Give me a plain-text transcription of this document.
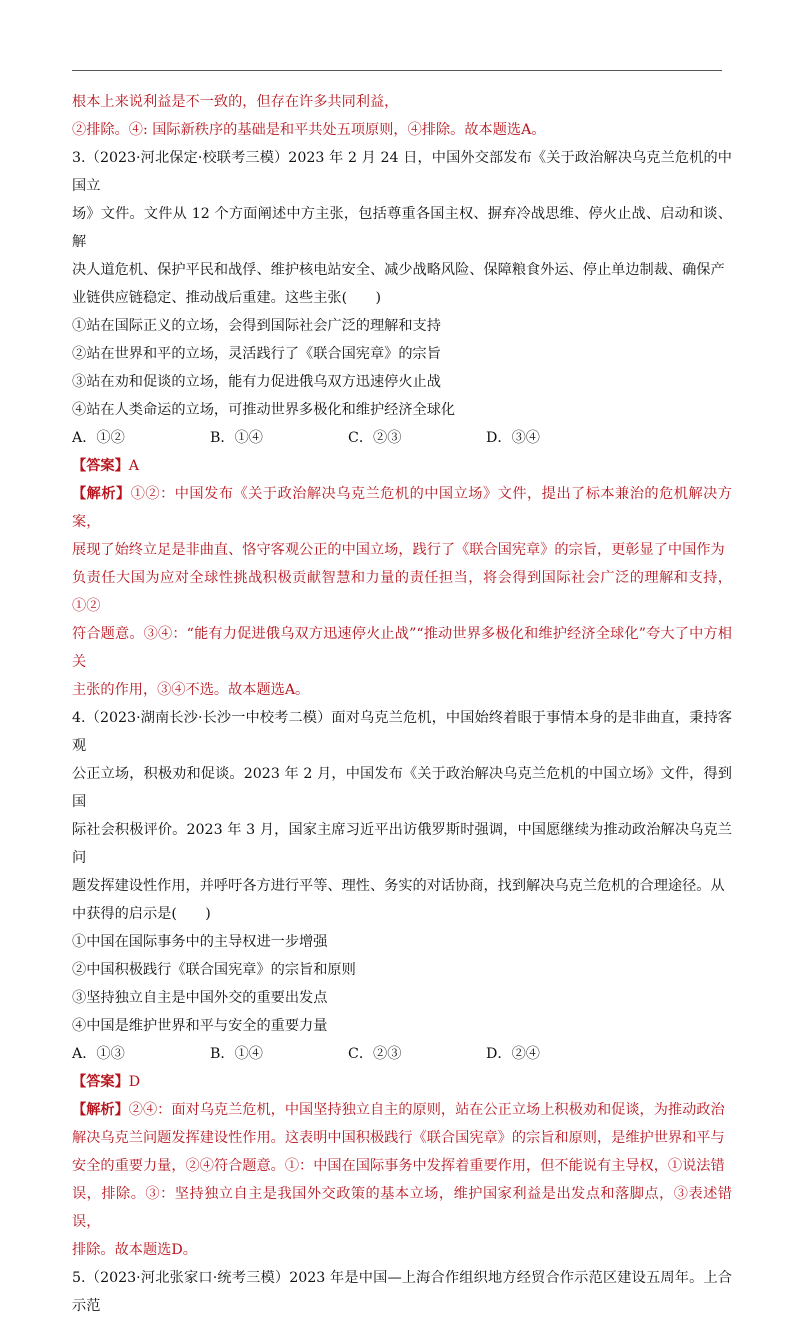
根本上来说利益是不一致的，但存在许多共同利益，

②排除。④: 国际新秩序的基础是和平共处五项原则，④排除。故本题选A。

3.（2023·河北保定·校联考三模）2023 年 2 月 24 日，中国外交部发布《关于政治解决乌克兰危机的中国立

场》文件。文件从 12 个方面阐述中方主张，包括尊重各国主权、摒弃冷战思维、停火止战、启动和谈、解

决人道危机、保护平民和战俘、维护核电站安全、减少战略风险、保障粮食外运、停止单边制裁、确保产

业链供应链稳定、推动战后重建。这些主张(　　)

①站在国际正义的立场，会得到国际社会广泛的理解和支持

②站在世界和平的立场，灵活践行了《联合国宪章》的宗旨

③站在劝和促谈的立场，能有力促进俄乌双方迅速停火止战

④站在人类命运的立场，可推动世界多极化和维护经济全球化

A．①②	B．①④	C．②③	D．③④

【答案】A

【解析】①②：中国发布《关于政治解决乌克兰危机的中国立场》文件，提出了标本兼治的危机解决方案，

展现了始终立足是非曲直、恪守客观公正的中国立场，践行了《联合国宪章》的宗旨，更彰显了中国作为

负责任大国为应对全球性挑战积极贡献智慧和力量的责任担当，将会得到国际社会广泛的理解和支持，①②

符合题意。③④：“能有力促进俄乌双方迅速停火止战”“推动世界多极化和维护经济全球化”夸大了中方相关

主张的作用，③④不选。故本题选A。

4.（2023·湖南长沙·长沙一中校考二模）面对乌克兰危机，中国始终着眼于事情本身的是非曲直，秉持客观

公正立场，积极劝和促谈。2023 年 2 月，中国发布《关于政治解决乌克兰危机的中国立场》文件，得到国

际社会积极评价。2023 年 3 月，国家主席习近平出访俄罗斯时强调，中国愿继续为推动政治解决乌克兰问

题发挥建设性作用，并呼吁各方进行平等、理性、务实的对话协商，找到解决乌克兰危机的合理途径。从

中获得的启示是(　　)

①中国在国际事务中的主导权进一步增强

②中国积极践行《联合国宪章》的宗旨和原则

③坚持独立自主是中国外交的重要出发点

④中国是维护世界和平与安全的重要力量

A．①③	B．①④	C．②③	D．②④

【答案】D

【解析】②④：面对乌克兰危机，中国坚持独立自主的原则，站在公正立场上积极劝和促谈，为推动政治

解决乌克兰问题发挥建设性作用。这表明中国积极践行《联合国宪章》的宗旨和原则，是维护世界和平与

安全的重要力量，②④符合题意。①：中国在国际事务中发挥着重要作用，但不能说有主导权，①说法错

误，排除。③：坚持独立自主是我国外交政策的基本立场，维护国家利益是出发点和落脚点，③表述错误，

排除。故本题选D。

5.（2023·河北张家口·统考三模）2023 年是中国—上海合作组织地方经贸合作示范区建设五周年。上合示范
